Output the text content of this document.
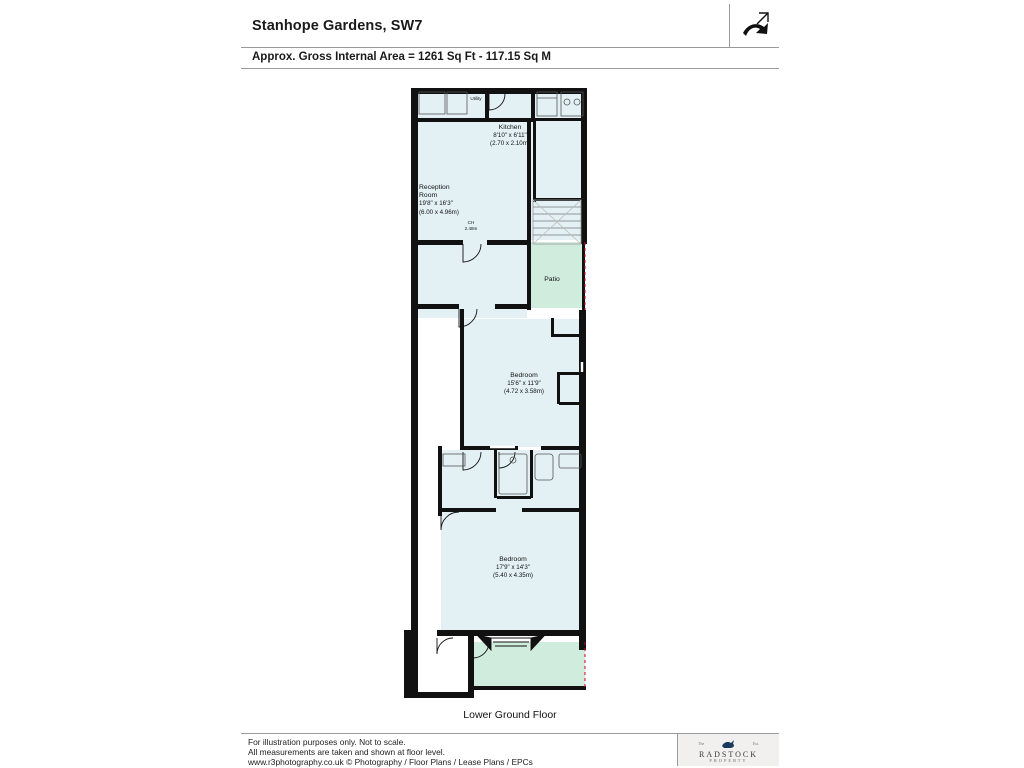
Stanhope Gardens, SW7
Approx. Gross Internal Area = 1261 Sq Ft - 117.15 Sq M
Utility
Kitchen
8'10" x 6'11"
(2.70 x 2.10m)
Reception
Room
19'8" x 16'3"
(6.00 x 4.96m)
CH
2.48m
Patio
Bedroom
15'6" x 11'9"
(4.72 x 3.58m)
Bedroom
17'9" x 14'3"
(5.40 x 4.35m)
Lower Ground Floor
For illustration purposes only. Not to scale.
All measurements are taken and shown at floor level.
www.r3photography.co.uk © Photography / Floor Plans / Lease Plans / EPCs
The	Est.
RADSTOCK
PROPERTY
